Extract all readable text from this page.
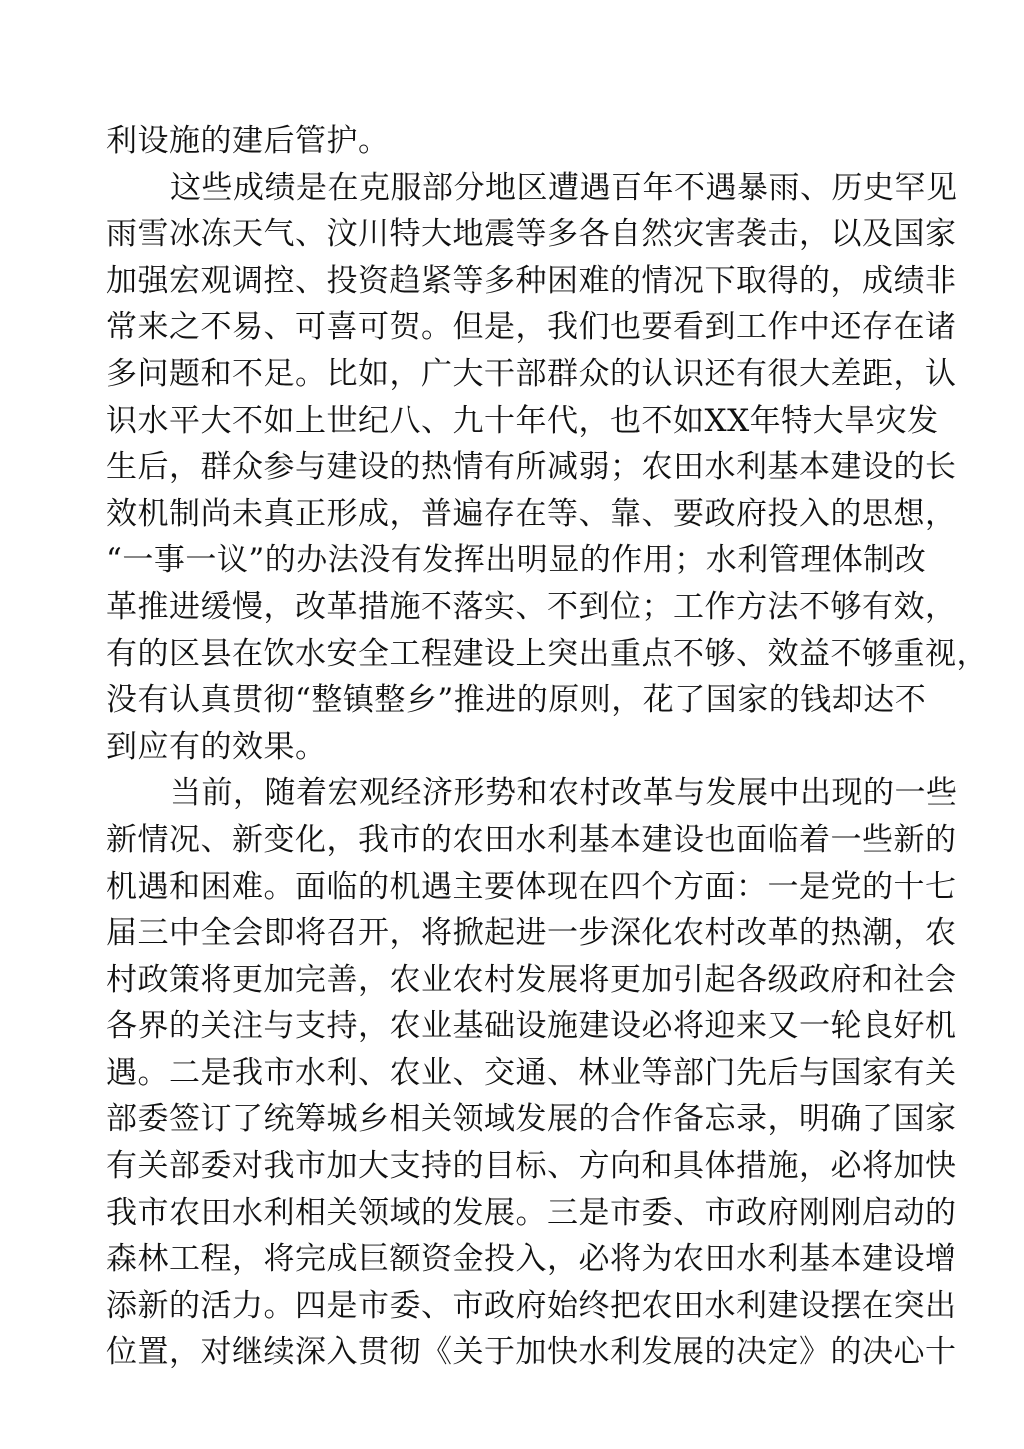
利设施的建后管护。
这些成绩是在克服部分地区遭遇百年不遇暴雨、历史罕见
雨雪冰冻天气、汶川特大地震等多各自然灾害袭击，以及国家
加强宏观调控、投资趋紧等多种困难的情况下取得的，成绩非
常来之不易、可喜可贺。但是，我们也要看到工作中还存在诸
多问题和不足。比如，广大干部群众的认识还有很大差距，认
识水平大不如上世纪八、九十年代，也不如XX年特大旱灾发
生后，群众参与建设的热情有所减弱；农田水利基本建设的长
效机制尚未真正形成，普遍存在等、靠、要政府投入的思想，
“一事一议”的办法没有发挥出明显的作用；水利管理体制改
革推进缓慢，改革措施不落实、不到位；工作方法不够有效，
有的区县在饮水安全工程建设上突出重点不够、效益不够重视，
没有认真贯彻“整镇整乡”推进的原则，花了国家的钱却达不
到应有的效果。
当前，随着宏观经济形势和农村改革与发展中出现的一些
新情况、新变化，我市的农田水利基本建设也面临着一些新的
机遇和困难。面临的机遇主要体现在四个方面：一是党的十七
届三中全会即将召开，将掀起进一步深化农村改革的热潮，农
村政策将更加完善，农业农村发展将更加引起各级政府和社会
各界的关注与支持，农业基础设施建设必将迎来又一轮良好机
遇。二是我市水利、农业、交通、林业等部门先后与国家有关
部委签订了统筹城乡相关领域发展的合作备忘录，明确了国家
有关部委对我市加大支持的目标、方向和具体措施，必将加快
我市农田水利相关领域的发展。三是市委、市政府刚刚启动的
森林工程，将完成巨额资金投入，必将为农田水利基本建设增
添新的活力。四是市委、市政府始终把农田水利建设摆在突出
位置，对继续深入贯彻《关于加快水利发展的决定》的决心十
